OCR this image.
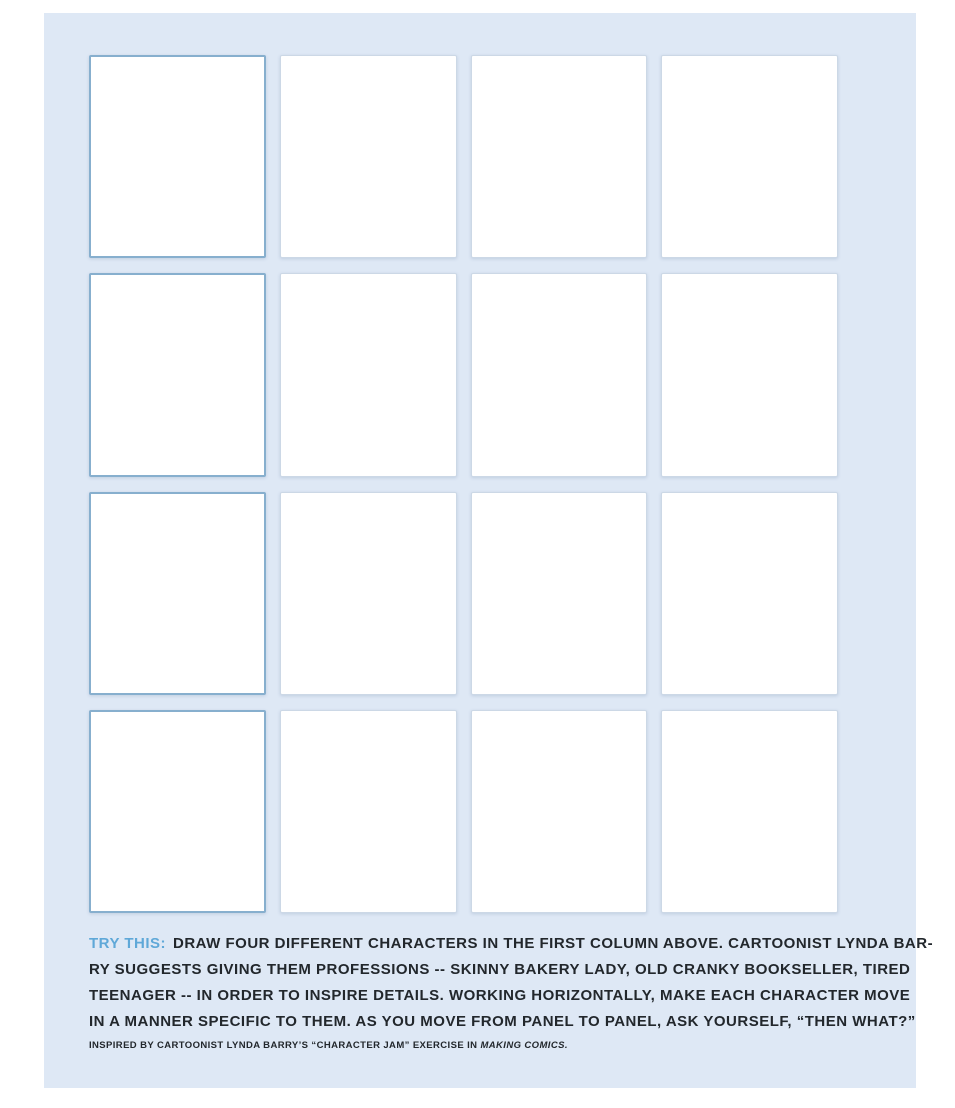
TRY THIS: DRAW FOUR DIFFERENT CHARACTERS IN THE FIRST COLUMN ABOVE. CARTOONIST LYNDA BAR-
RY SUGGESTS GIVING THEM PROFESSIONS -- SKINNY BAKERY LADY, OLD CRANKY BOOKSELLER, TIRED
TEENAGER -- IN ORDER TO INSPIRE DETAILS. WORKING HORIZONTALLY, MAKE EACH CHARACTER MOVE
IN A MANNER SPECIFIC TO THEM. AS YOU MOVE FROM PANEL TO PANEL, ASK YOURSELF, “THEN WHAT?”
INSPIRED BY CARTOONIST LYNDA BARRY’S “CHARACTER JAM” EXERCISE IN MAKING COMICS.
